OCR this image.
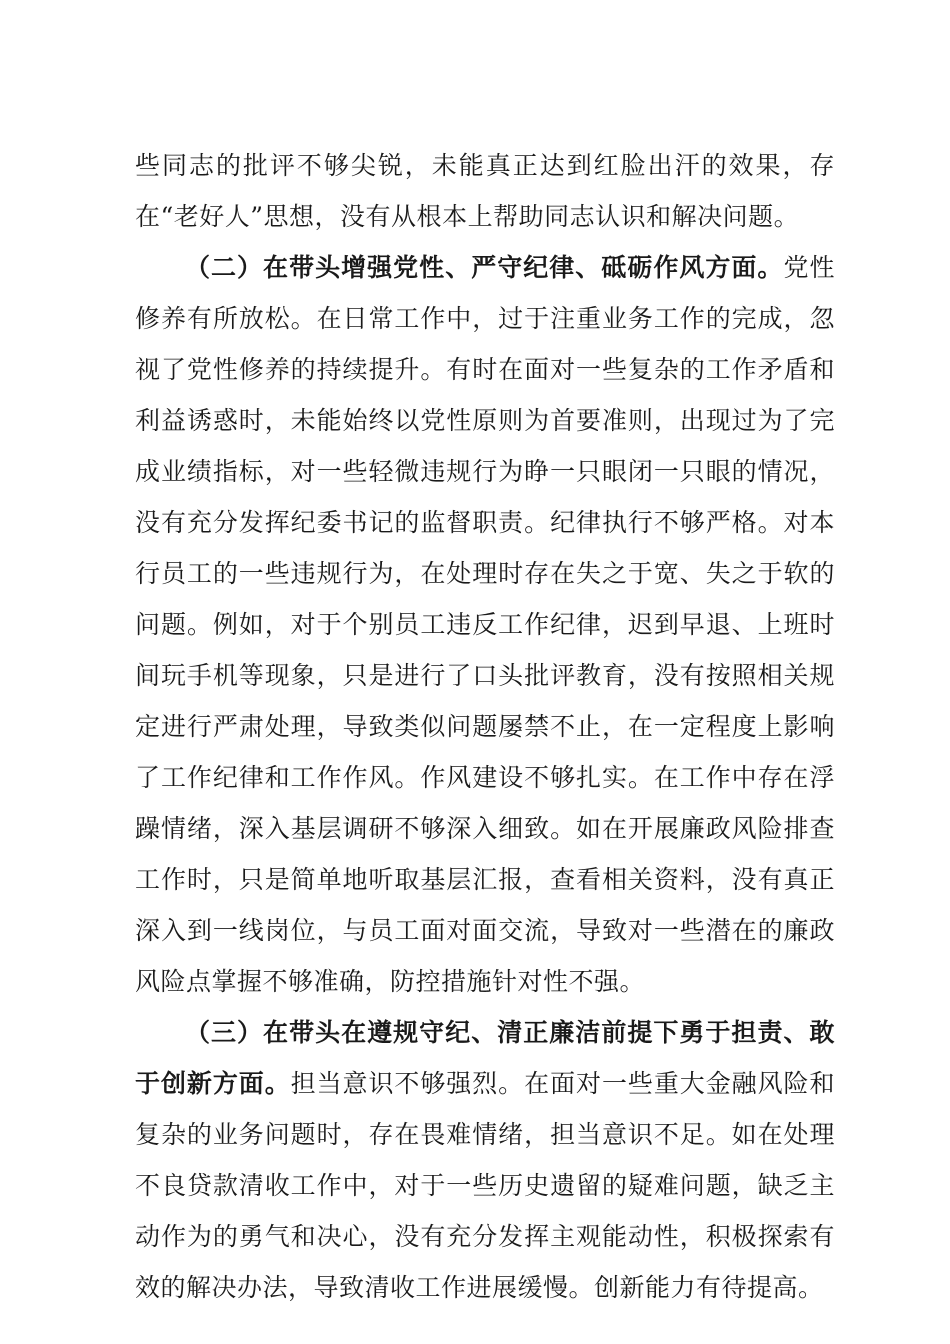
些同志的批评不够尖锐，未能真正达到红脸出汗的效果，存在“老好人”思想，没有从根本上帮助同志认识和解决问题。

（二）在带头增强党性、严守纪律、砥砺作风方面。党性修养有所放松。在日常工作中，过于注重业务工作的完成，忽视了党性修养的持续提升。有时在面对一些复杂的工作矛盾和利益诱惑时，未能始终以党性原则为首要准则，出现过为了完成业绩指标，对一些轻微违规行为睁一只眼闭一只眼的情况，没有充分发挥纪委书记的监督职责。纪律执行不够严格。对本行员工的一些违规行为，在处理时存在失之于宽、失之于软的问题。例如，对于个别员工违反工作纪律，迟到早退、上班时间玩手机等现象，只是进行了口头批评教育，没有按照相关规定进行严肃处理，导致类似问题屡禁不止，在一定程度上影响了工作纪律和工作作风。作风建设不够扎实。在工作中存在浮躁情绪，深入基层调研不够深入细致。如在开展廉政风险排查工作时，只是简单地听取基层汇报，查看相关资料，没有真正深入到一线岗位，与员工面对面交流，导致对一些潜在的廉政风险点掌握不够准确，防控措施针对性不强。

（三）在带头在遵规守纪、清正廉洁前提下勇于担责、敢于创新方面。担当意识不够强烈。在面对一些重大金融风险和复杂的业务问题时，存在畏难情绪，担当意识不足。如在处理不良贷款清收工作中，对于一些历史遗留的疑难问题，缺乏主动作为的勇气和决心，没有充分发挥主观能动性，积极探索有效的解决办法，导致清收工作进展缓慢。创新能力有待提高。
